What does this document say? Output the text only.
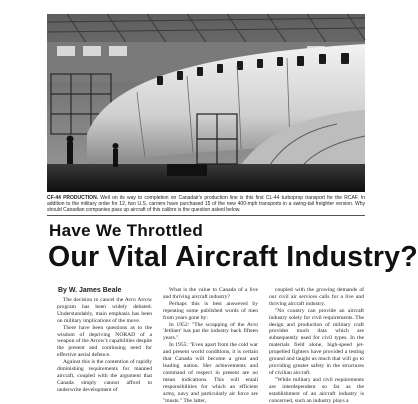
CF-44 PRODUCTION. Well on its way to completion on Canadair's production line is this first CL-44 turboprop transport for the RCAF. In addition to the military order for 12, two U.S. carriers have purchased 15 of the new 400-mph transports in a swing-tail freighter version. Why should Canadian companies pass up aircraft of this calibre is the question asked below.
Have We Throttled
Our Vital Aircraft Industry?
By W. James Beale

The decision to cancel the Avro Arrow program has been widely debated. Understandably, main emphasis has been on military implications of the move.

There have been questions as to the wisdom of depriving NORAD of a weapon of the Arrow's capabilities despite the present and continuing need for effective aerial defence.

Against this is the contention of rapidly diminishing requirements for manned aircraft, coupled with the argument that Canada simply cannot afford to underwrite development of

What is the value to Canada of a live and thriving aircraft industry?

Perhaps this is best answered by repeating some published words of men from years gone by:

In 1952: "The scrapping of the Avro 'Jetliner' has put the industry back fifteen years."

In 1955: "Even apart from the cold war and present world conditions, it is certain that Canada will become a great and leading nation. Her achievements and command of respect in present are no mean indications. This will entail responsibilities for which an efficient army, navy and particularly air force are "musts." The latter,

coupled with the growing demands of our civil air services calls for a live and thriving aircraft industry.

"No country can provide an aircraft industry solely for civil requirements. The design and production of military craft provides much data which are subsequently used for civil types. In the materials field alone, high-speed jet-propelled fighters have provided a testing ground and taught us much that will go to providing greater safety in the structures of civilian aircraft.

"While military and civil requirements are interdependent so far as the establishment of an aircraft industry is concerned, such an industry plays a
